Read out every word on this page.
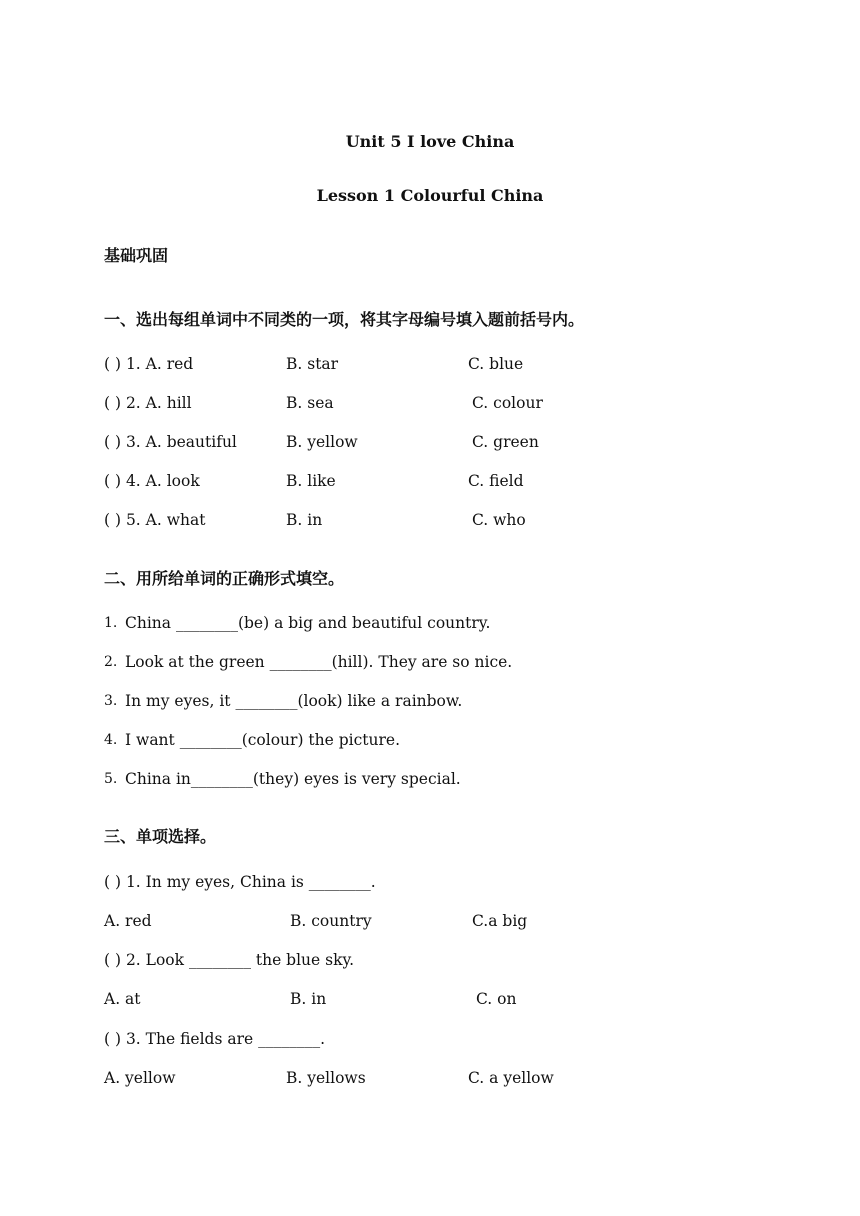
Unit 5 I love China
Lesson 1 Colourful China
基础巩固
一、选出每组单词中不同类的一项，将其字母编号填入题前括号内。
( ) 1. A. red	B. star	C. blue
( ) 2. A. hill	B. sea	C. colour
( ) 3. A. beautiful	B. yellow	C. green
( ) 4. A. look	B. like	C. field
( ) 5. A. what	B. in	C. who
二、用所给单词的正确形式填空。
1. China ________(be) a big and beautiful country.
2. Look at the green ________(hill). They are so nice.
3. In my eyes, it ________(look) like a rainbow.
4. I want ________(colour) the picture.
5. China in________(they) eyes is very special.
三、单项选择。
( ) 1. In my eyes, China is ________.
A. red	B. country	C.a big
( ) 2. Look ________ the blue sky.
A. at	B. in	C. on
( ) 3. The fields are ________.
A. yellow	B. yellows	C. a yellow
